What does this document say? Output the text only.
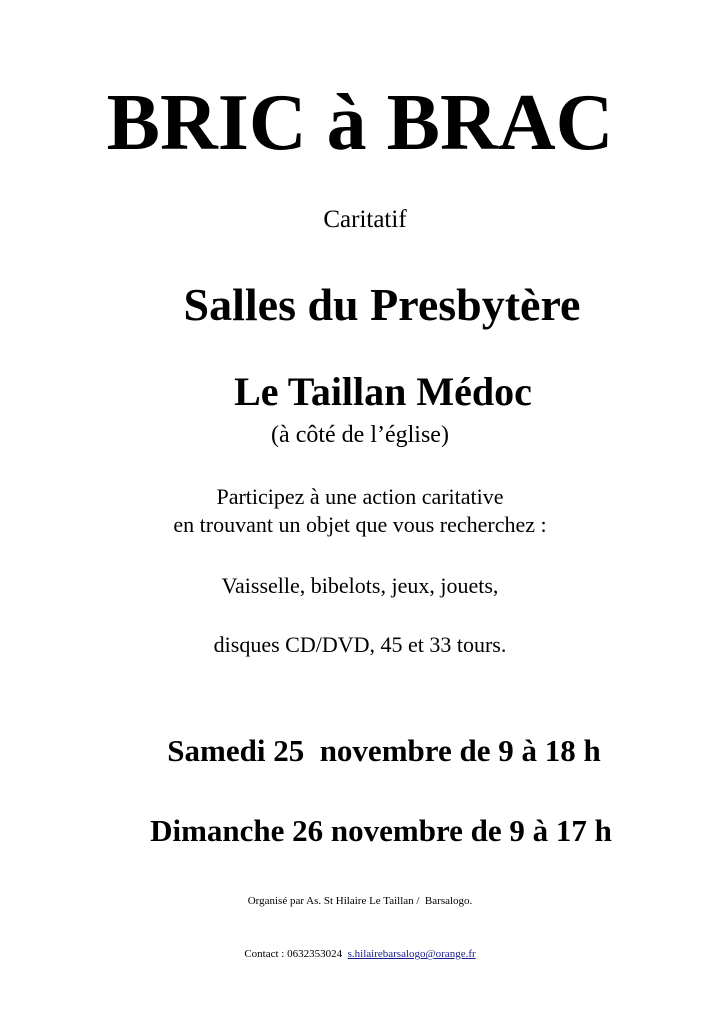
BRIC à BRAC
Caritatif
Salles du Presbytère
Le Taillan Médoc
(à côté de l’église)
Participez à une action caritative
en trouvant un objet que vous recherchez :
Vaisselle, bibelots, jeux, jouets,
disques CD/DVD, 45 et 33 tours.
Samedi 25  novembre de 9 à 18 h
Dimanche 26 novembre de 9 à 17 h
Organisé par As. St Hilaire Le Taillan /  Barsalogo.
Contact : 0632353024 s.hilairebarsalogo@orange.fr
